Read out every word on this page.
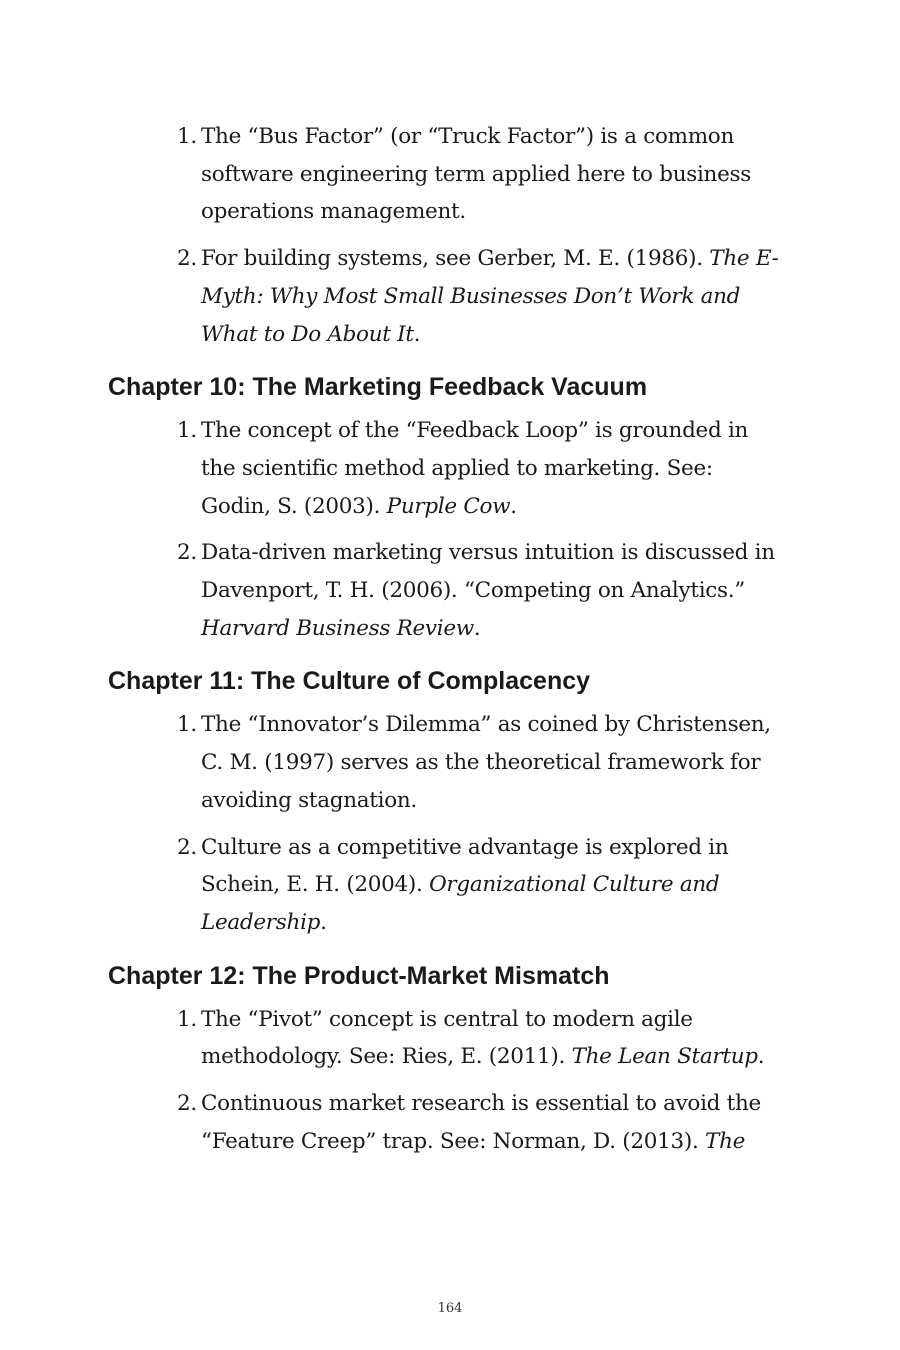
1. The “Bus Factor” (or “Truck Factor”) is a common software engineering term applied here to business operations management.
2. For building systems, see Gerber, M. E. (1986). The E-Myth: Why Most Small Businesses Don’t Work and What to Do About It.
Chapter 10: The Marketing Feedback Vacuum
1. The concept of the “Feedback Loop” is grounded in the scientific method applied to marketing. See: Godin, S. (2003). Purple Cow.
2. Data-driven marketing versus intuition is discussed in Davenport, T. H. (2006). “Competing on Analytics.” Harvard Business Review.
Chapter 11: The Culture of Complacency
1. The “Innovator’s Dilemma” as coined by Christensen, C. M. (1997) serves as the theoretical framework for avoiding stagnation.
2. Culture as a competitive advantage is explored in Schein, E. H. (2004). Organizational Culture and Leadership.
Chapter 12: The Product-Market Mismatch
1. The “Pivot” concept is central to modern agile methodology. See: Ries, E. (2011). The Lean Startup.
2. Continuous market research is essential to avoid the “Feature Creep” trap. See: Norman, D. (2013). The
164
